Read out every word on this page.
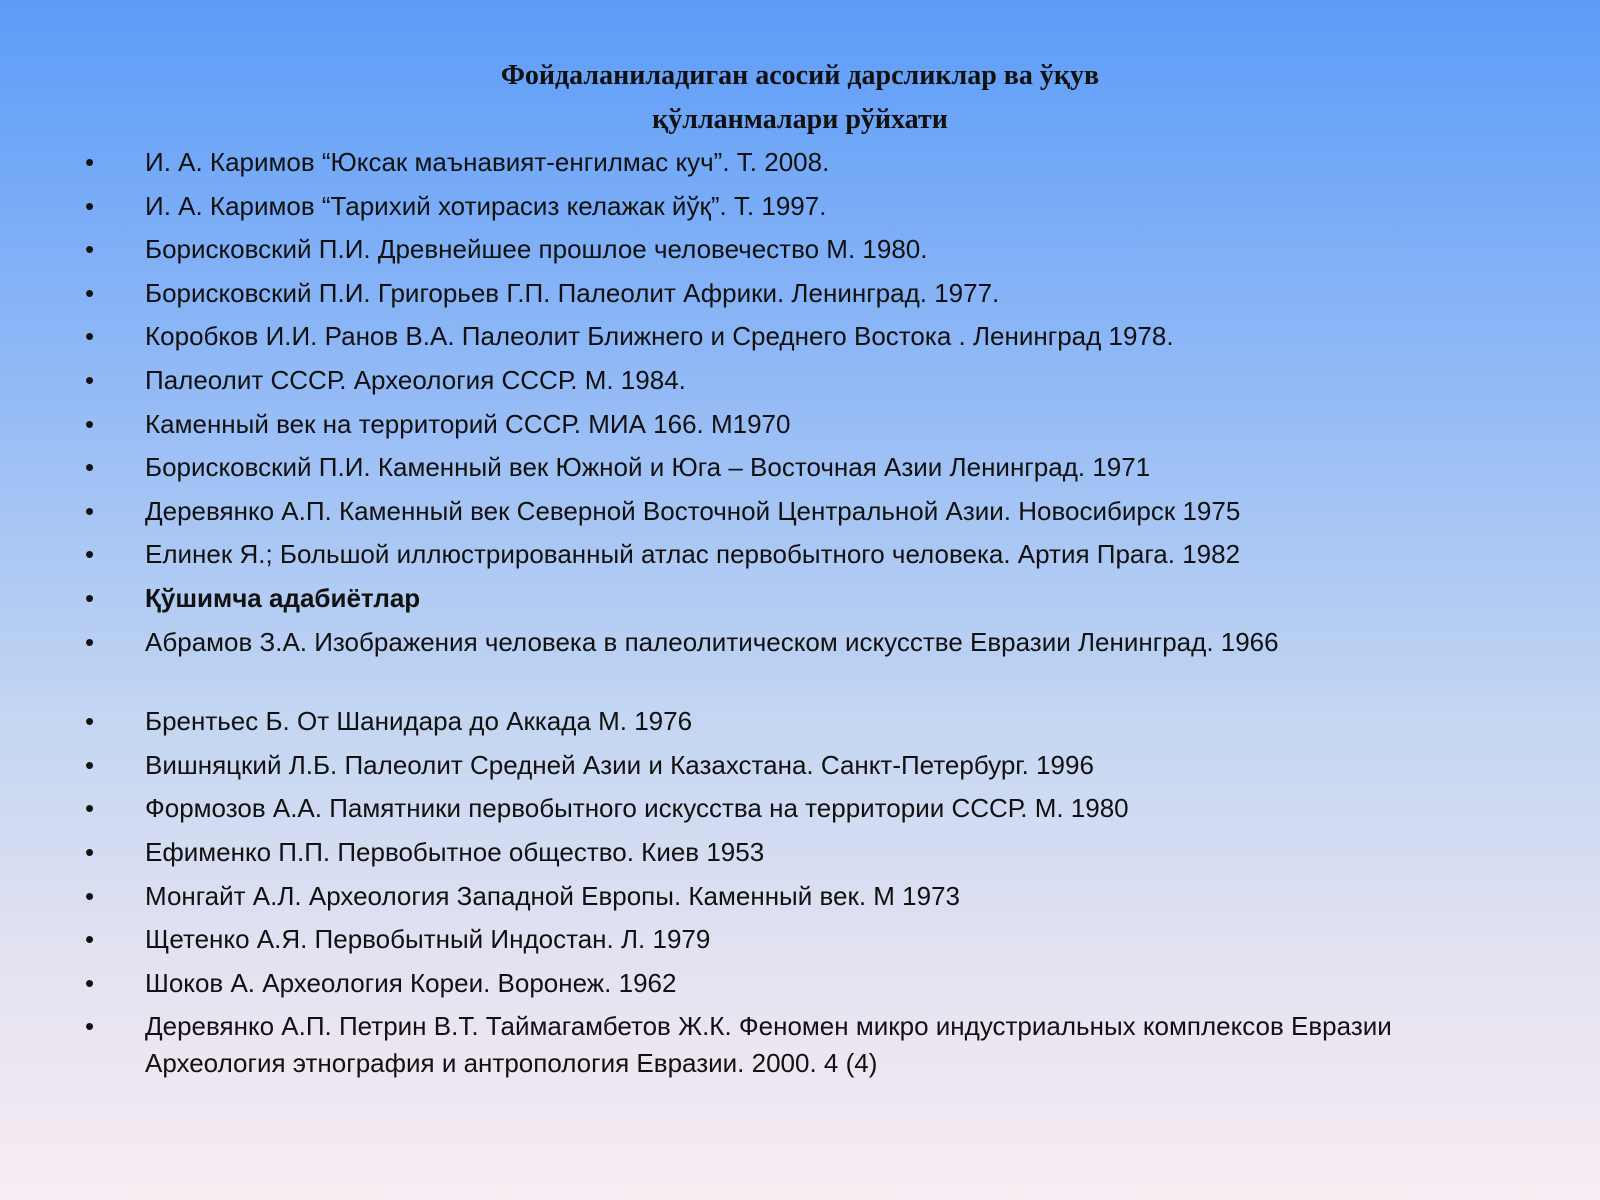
Фойдаланиладиган асосий дарсликлар ва ўқув
қўлланмалари рўйхати
• И. А. Каримов “Юксак маънавият-енгилмас куч”. Т. 2008.
• И. А. Каримов “Тарихий хотирасиз келажак йўқ”. Т. 1997.
• Борисковский П.И. Древнейшее прошлое человечество М. 1980.
• Борисковский П.И. Григорьев Г.П. Палеолит Африки. Ленинград. 1977.
• Коробков И.И. Ранов В.А. Палеолит Ближнего и Среднего Востока . Ленинград 1978.
• Палеолит СССР. Археология СССР. М. 1984.
• Каменный век на территорий СССР. МИА 166. М1970
• Борисковский П.И. Каменный век Южной и Юга – Восточная Азии Ленинград. 1971
• Деревянко А.П. Каменный век Северной Восточной Центральной Азии. Новосибирск 1975
• Елинек Я.; Большой иллюстрированный атлас первобытного человека. Артия Прага. 1982
• Қўшимча адабиётлар
• Абрамов З.А. Изображения человека в палеолитическом искусстве Евразии Ленинград. 1966
• Брентьес Б. От Шанидара до Аккада М. 1976
• Вишняцкий Л.Б. Палеолит Средней Азии и Казахстана. Санкт-Петербург. 1996
• Формозов А.А. Памятники первобытного искусства на территории СССР. М. 1980
• Ефименко П.П. Первобытное общество. Киев 1953
• Монгайт А.Л. Археология Западной Европы. Каменный век. М 1973
• Щетенко А.Я. Первобытный Индостан. Л. 1979
• Шоков А. Археология Кореи. Воронеж. 1962
• Деревянко А.П. Петрин В.Т. Таймагамбетов Ж.К. Феномен микро индустриальных комплексов Евразии Археология этнография и антропология Евразии. 2000. 4 (4)
